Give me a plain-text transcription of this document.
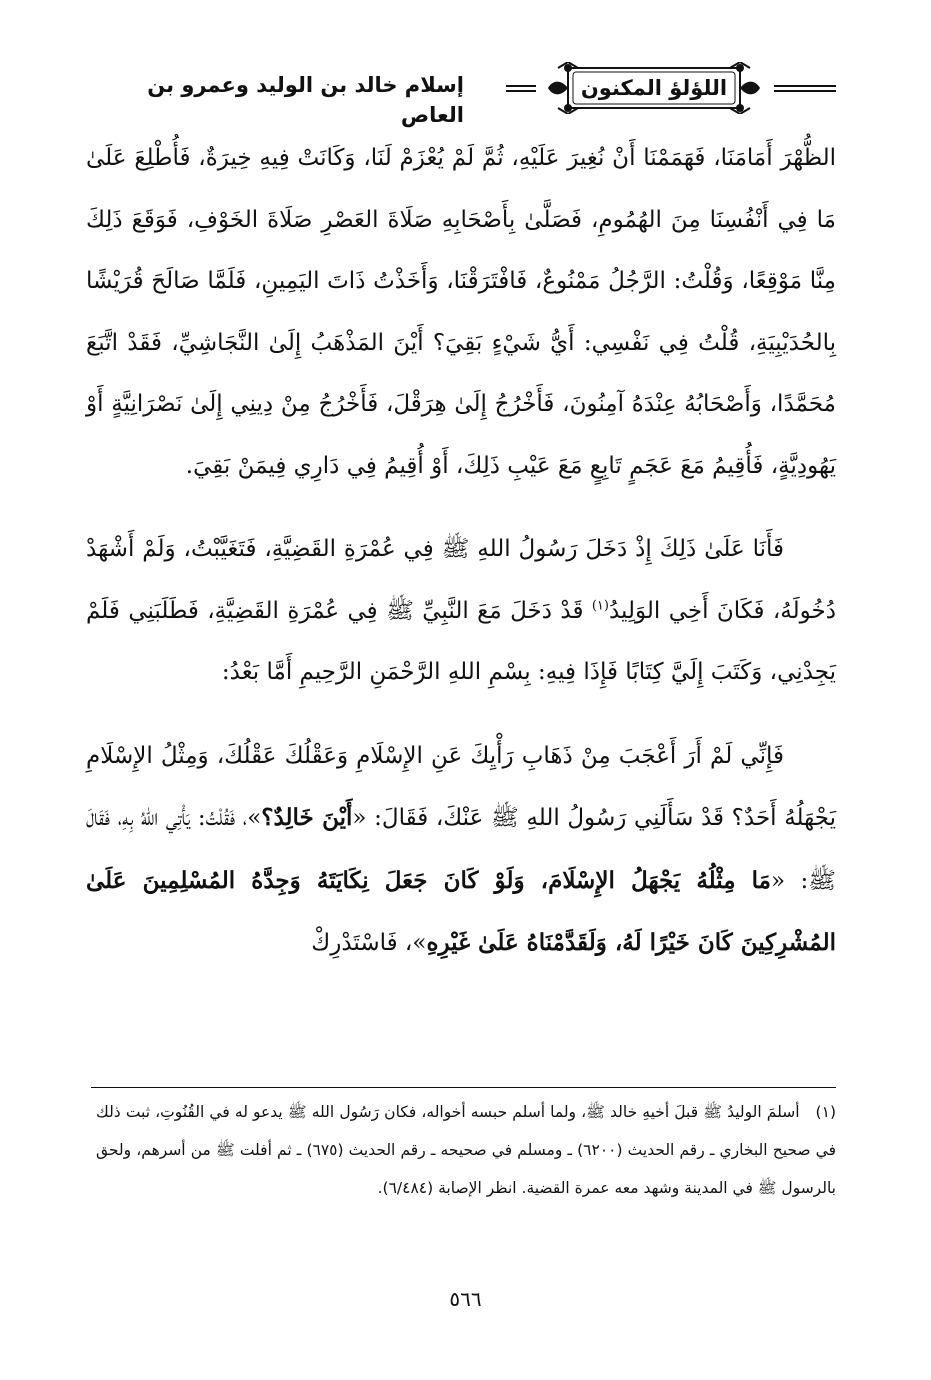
اللؤلؤ المكنون
إسلام خالد بن الوليد وعمرو بن العاص

الظُّهْرَ أَمَامَنَا، فَهَمَمْنَا أَنْ نُغِيرَ عَلَيْهِ، ثُمَّ لَمْ يُعْزَمْ لَنَا، وَكَانَتْ فِيهِ خِيرَةٌ، فَأُطْلِعَ عَلَىٰ مَا فِي أَنْفُسِنَا مِنَ الهُمُومِ، فَصَلَّىٰ بِأَصْحَابِهِ صَلَاةَ العَصْرِ صَلَاةَ الخَوْفِ، فَوَقَعَ ذَلِكَ مِنَّا مَوْقِعًا، وَقُلْتُ: الرَّجُلُ مَمْنُوعٌ، فَافْتَرَقْنَا، وَأَخَذْتُ ذَاتَ اليَمِينِ، فَلَمَّا صَالَحَ قُرَيْشًا بِالحُدَيْبِيَةِ، قُلْتُ فِي نَفْسِي: أَيُّ شَيْءٍ بَقِيَ؟ أَيْنَ المَذْهَبُ إِلَىٰ النَّجَاشِيِّ، فَقَدْ اتَّبَعَ مُحَمَّدًا، وَأَصْحَابُهُ عِنْدَهُ آمِنُونَ، فَأَخْرُجُ إِلَىٰ هِرَقْلَ، فَأَخْرُجُ مِنْ دِينِي إِلَىٰ نَصْرَانِيَّةٍ أَوْ يَهُودِيَّةٍ، فَأُقِيمُ مَعَ عَجَمٍ تَابِعٍ مَعَ عَيْبِ ذَلِكَ، أَوْ أُقِيمُ فِي دَارِي فِيمَنْ بَقِيَ.

فَأَنَا عَلَىٰ ذَلِكَ إِذْ دَخَلَ رَسُولُ اللهِ ﷺ فِي عُمْرَةِ القَضِيَّةِ، فَتَغَيَّبْتُ، وَلَمْ أَشْهَدْ دُخُولَهُ، فَكَانَ أَخِي الوَلِيدُ$^{(١)}$ قَدْ دَخَلَ مَعَ النَّبِيِّ ﷺ فِي عُمْرَةِ القَضِيَّةِ، فَطَلَبَنِي فَلَمْ يَجِدْنِي، وَكَتَبَ إِلَيَّ كِتَابًا فَإِذَا فِيهِ: بِسْمِ اللهِ الرَّحْمَنِ الرَّحِيمِ أَمَّا بَعْدُ:

فَإِنِّي لَمْ أَرَ أَعْجَبَ مِنْ ذَهَابِ رَأْيِكَ عَنِ الإِسْلَامِ وَعَقْلُكَ عَقْلُكَ، وَمِثْلُ الإِسْلَامِ يَجْهَلُهُ أَحَدٌ؟ قَدْ سَأَلَنِي رَسُولُ اللهِ ﷺ عَنْكَ، فَقَالَ: «أَيْنَ خَالِدٌ؟»، فَقُلْتُ: يَأْتِي اللهُ بِهِ، فَقَالَ ﷺ: «مَا مِثْلُهُ يَجْهَلُ الإِسْلَامَ، وَلَوْ كَانَ جَعَلَ نِكَايَتَهُ وَجِدَّهُ المُسْلِمِينَ عَلَىٰ المُشْرِكِينَ كَانَ خَيْرًا لَهُ، وَلَقَدَّمْنَاهُ عَلَىٰ غَيْرِهِ»، فَاسْتَدْرِكْ

(١)أسلمَ الوليدُ ﷺ قبلَ أخيهِ خالد ﷺ، ولما أسلم حبسه أخواله، فكان رَسُول الله ﷺ يدعو له في القُنُوتِ، ثبت ذلك في صحيح البخاري ـ رقم الحديث (٦٢٠٠) ـ ومسلم في صحيحه ـ رقم الحديث (٦٧٥) ـ ثم أفلت ﷺ من أسرهم، ولحق بالرسول ﷺ في المدينة وشهد معه عمرة القضية. انظر الإصابة (٦/٤٨٤).
٥٦٦
